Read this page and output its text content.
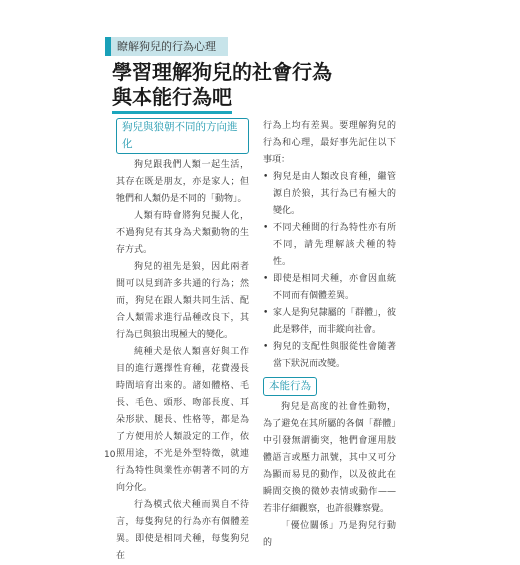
瞭解狗兒的行為心理
學習理解狗兒的社會行為
與本能行為吧
狗兒與狼朝不同的方向進化

狗兒跟我們人類一起生活，其存在既是朋友，亦是家人；但牠們和人類仍是不同的「動物」。

人類有時會將狗兒擬人化，不過狗兒有其身為犬類動物的生存方式。

狗兒的祖先是狼，因此兩者間可以見到許多共通的行為；然而，狗兒在跟人類共同生活、配合人類需求進行品種改良下，其行為已與狼出現極大的變化。

純種犬是依人類喜好與工作目的進行選擇性育種，花費漫長時間培育出來的。諸如體格、毛長、毛色、頭形、吻部長度、耳朵形狀、腿長、性格等，都是為了方便用於人類設定的工作，依照用途，不光是外型特徵，就連行為特性與業性亦朝著不同的方向分化。

行為模式依犬種而異自不待言，每隻狗兒的行為亦有個體差異。即使是相同犬種，每隻狗兒在

行為上均有差異。要理解狗兒的行為和心理，最好事先記住以下事項：

• 狗兒是由人類改良育種，繼管源自於狼，其行為已有極大的變化。
• 不同犬種間的行為特性亦有所不同，請先理解該犬種的特性。
• 即使是相同犬種，亦會因血統不同而有個體差異。
• 家人是狗兒隸屬的「群體」，彼此是夥伴，而非縱向社會。
• 狗兒的支配性與服從性會隨著當下狀況而改變。
本能行為

狗兒是高度的社會性動物，為了避免在其所屬的各個「群體」中引發無謂衝突，牠們會運用肢體語言或壓力訊號，其中又可分為顯而易見的動作，以及彼此在瞬間交換的微妙表情或動作——若非仔細觀察，也許很難察覺。

「優位關係」乃是狗兒行動的

10
